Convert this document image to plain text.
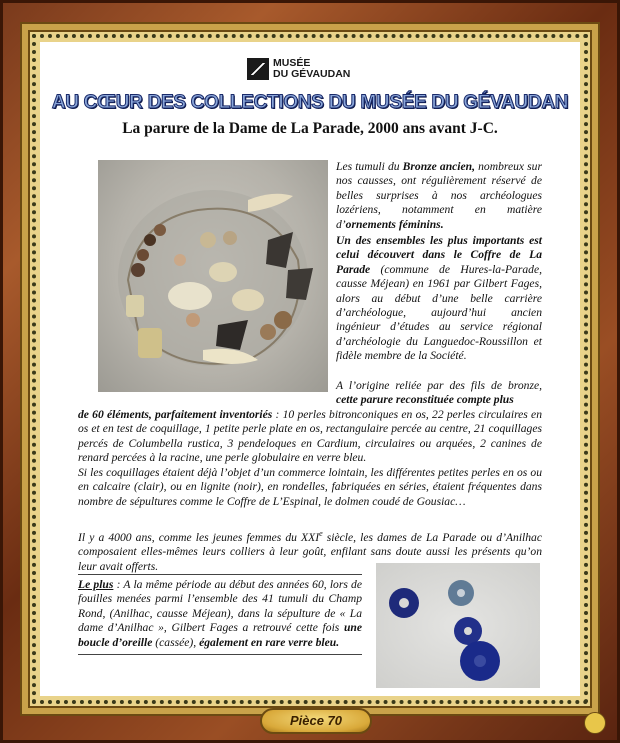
MUSÉE
DU GÉVAUDAN
AU CŒUR DES COLLECTIONS DU MUSÉE DU GÉVAUDAN
La parure de la Dame de La Parade, 2000 ans avant J-C.
Les tumuli du Bronze ancien, nombreux sur nos causses, ont régulièrement réservé de belles surprises à nos archéologues lozériens, notamment en matière d’ornements féminins.
Un des ensembles les plus importants est celui découvert dans le Coffre de La Parade (commune de Hures-la-Parade, causse Méjean) en 1961 par Gilbert Fages, alors au début d’une belle carrière d’archéologue, aujourd’hui ancien ingénieur d’études au service régional d’archéologie du Languedoc-Roussillon et fidèle membre de la Société.
A l’origine reliée par des fils de bronze, cette parure reconstituée compte plus
de 60 éléments, parfaitement inventoriés : 10 perles bitronconiques en os, 22 perles circulaires en os et en test de coquillage, 1 petite perle plate en os, rectangulaire percée au centre, 21 coquillages percés de Columbella rustica, 3 pendeloques en Cardium, circulaires ou arquées, 2 canines de renard percées à la racine, une perle globulaire en verre bleu.
Si les coquillages étaient déjà l’objet d’un commerce lointain, les différentes petites perles en os ou en calcaire (clair), ou en lignite (noir), en rondelles, fabriquées en séries, étaient fréquentes dans nombre de sépultures comme le Coffre de L’Espinal, le dolmen coudé de Gousiac…
Il y a 4000 ans, comme les jeunes femmes du XXIe siècle, les dames de La Parade ou d’Anilhac composaient elles-mêmes leurs colliers à leur goût, enfilant sans doute aussi les présents qu’on leur avait offerts.
Le plus : A la même période au début des années 60, lors de fouilles menées parmi l’ensemble des 41 tumuli du Champ Rond, (Anilhac, causse Méjean), dans la sépulture de « La dame d’Anilhac », Gilbert Fages a retrouvé cette fois une boucle d’oreille (cassée), également en rare verre bleu.
Pièce 70
